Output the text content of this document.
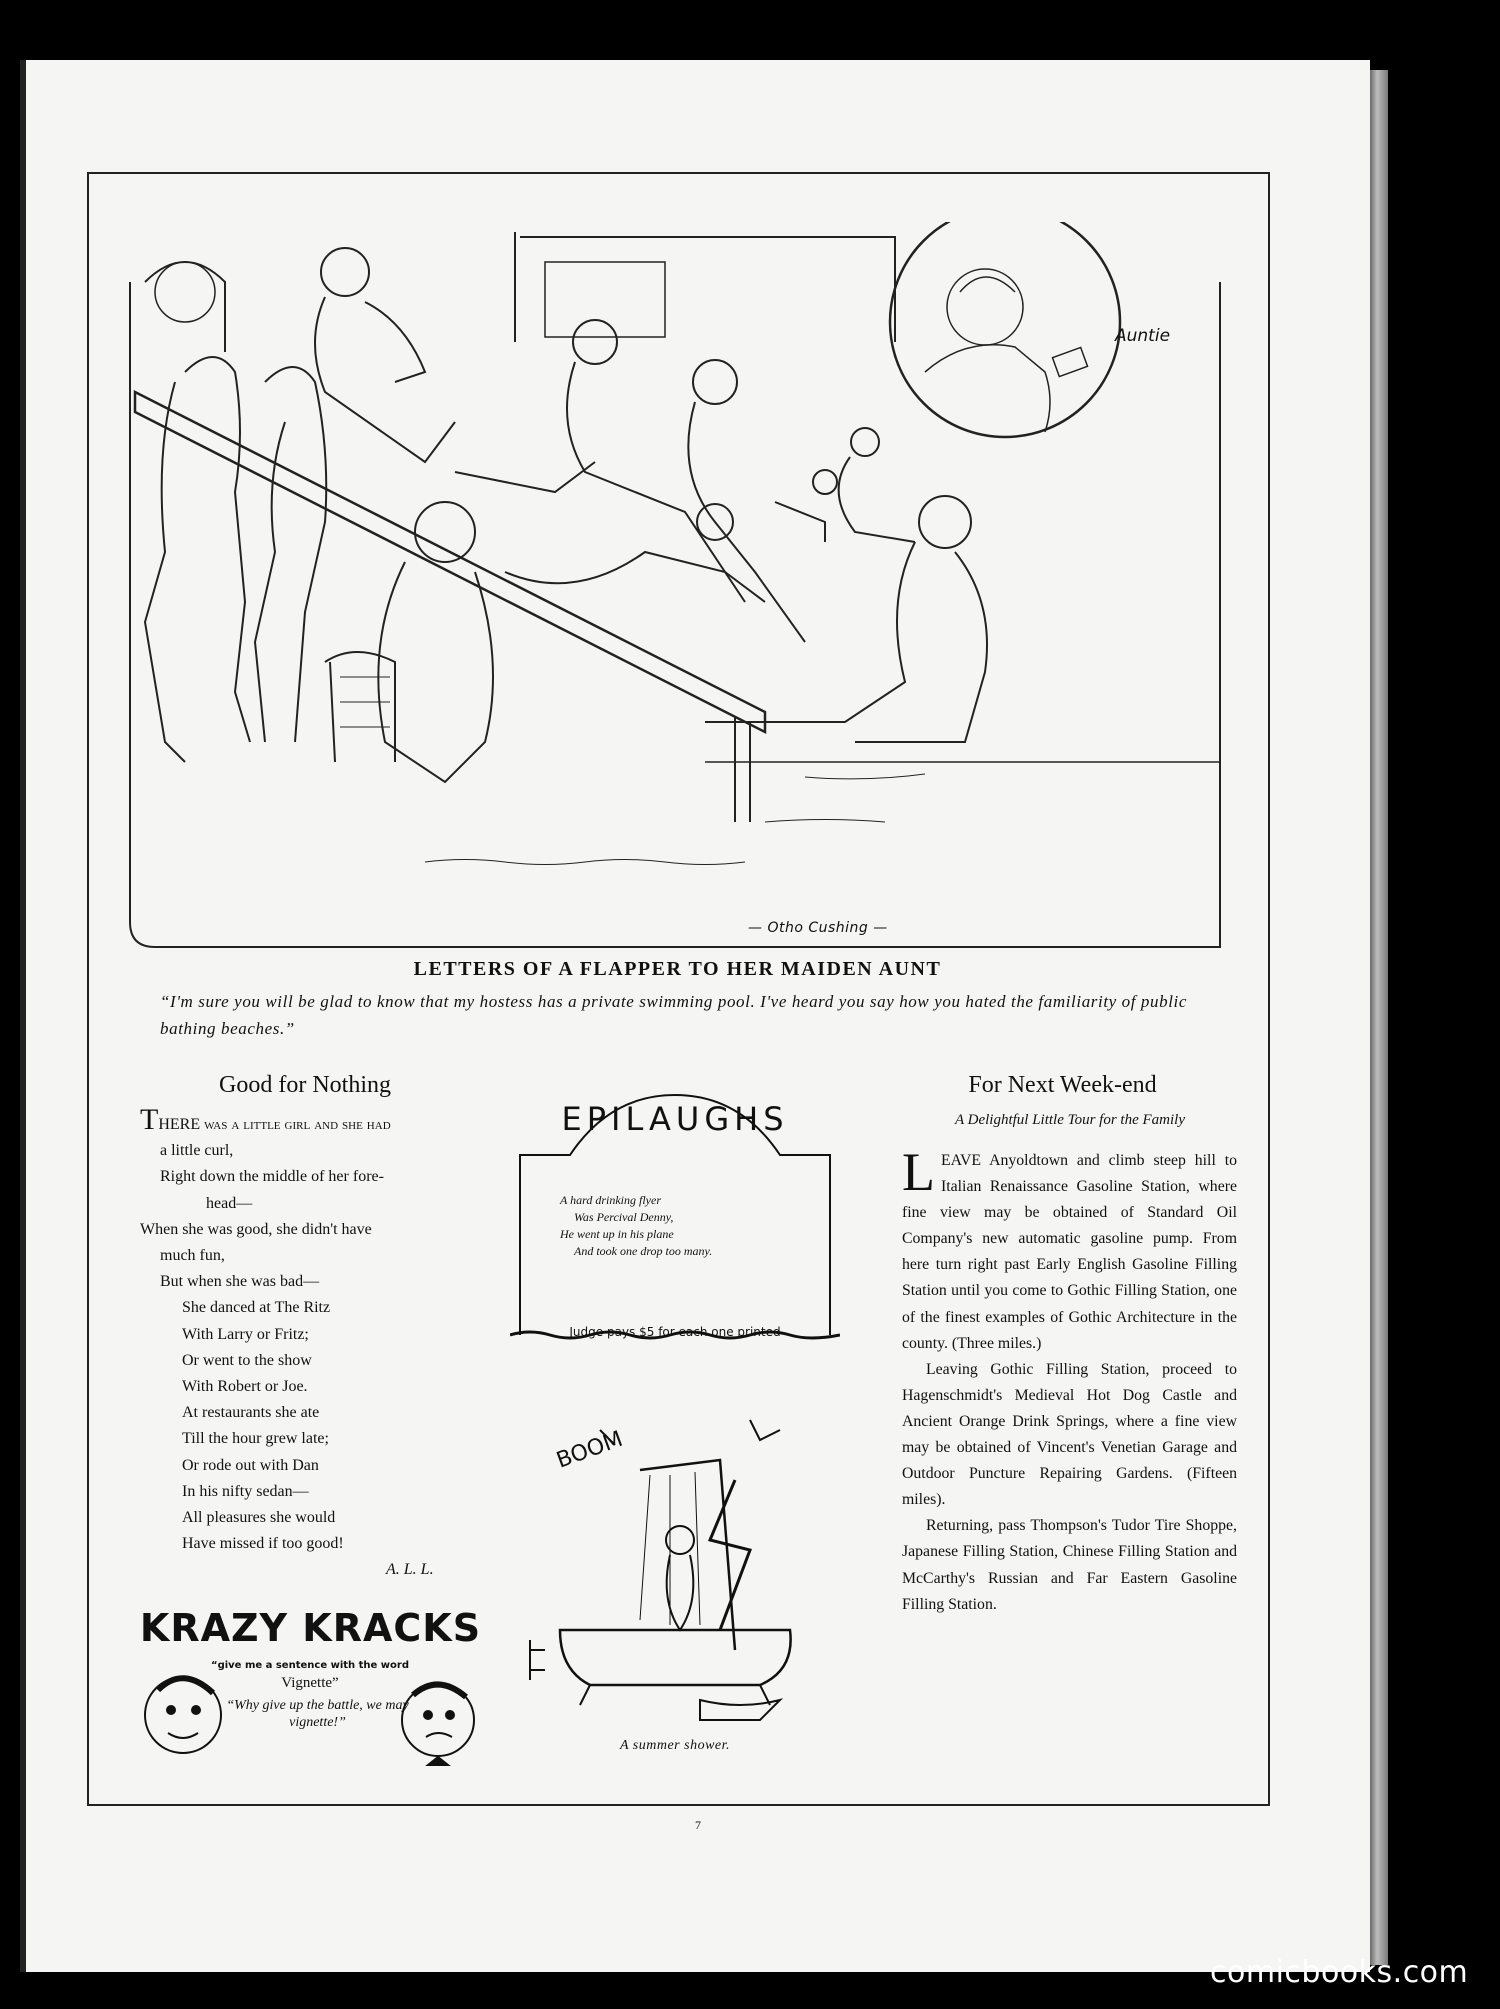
Auntie
— Otho Cushing —
LETTERS OF A FLAPPER TO HER MAIDEN AUNT
“I'm sure you will be glad to know that my hostess has a private swimming pool. I've heard you say how you hated the familiarity of public bathing beaches.”
Good for Nothing
THERE was a little girl and she had
a little curl,
Right down the middle of her fore-
head—
When she was good, she didn't have
much fun,
But when she was bad—
She danced at The Ritz
With Larry or Fritz;
Or went to the show
With Robert or Joe.
At restaurants she ate
Till the hour grew late;
Or rode out with Dan
In his nifty sedan—
All pleasures she would
Have missed if too good!
A. L. L.
KRAZY KRACKS
“give me a sentence with the word
Vignette”
“Why give up the battle, we may vignette!”
EPILAUGHS
A hard drinking flyer
Was Percival Denny,
He went up in his plane
And took one drop too many.
Judge pays $5 for each one printed
BOOM
A summer shower.
For Next Week-end
A Delightful Little Tour for the Family

LEAVE Anyoldtown and climb steep hill to Italian Renaissance Gasoline Station, where fine view may be obtained of Standard Oil Company's new automatic gasoline pump. From here turn right past Early English Gasoline Filling Station until you come to Gothic Filling Station, one of the finest examples of Gothic Architecture in the county. (Three miles.)

Leaving Gothic Filling Station, proceed to Hagenschmidt's Medieval Hot Dog Castle and Ancient Orange Drink Springs, where a fine view may be obtained of Vincent's Venetian Garage and Outdoor Puncture Repairing Gardens. (Fifteen miles).

Returning, pass Thompson's Tudor Tire Shoppe, Japanese Filling Station, Chinese Filling Station and McCarthy's Russian and Far Eastern Gasoline Filling Station.

7
comicbooks.com
